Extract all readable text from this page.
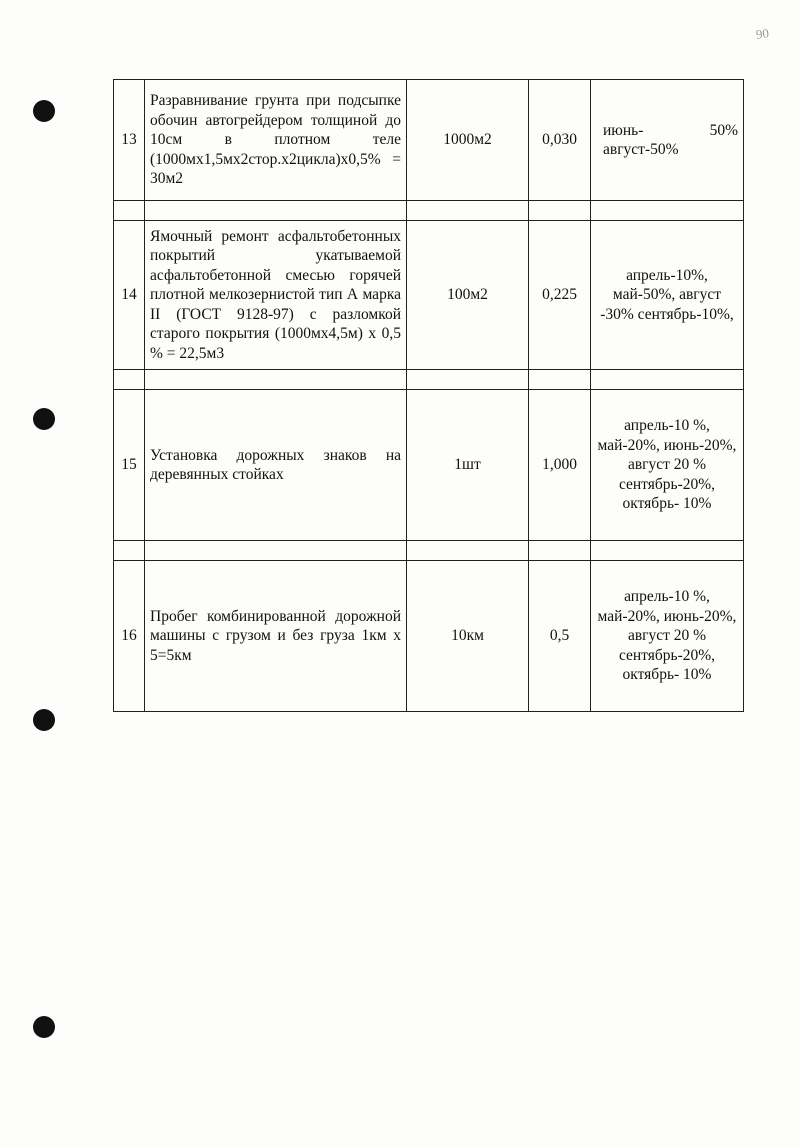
90
13	Разравнивание грунта при подсыпке обочин автогрейдером толщиной до 10см в плотном теле (1000мх1,5мх2стор.х2цикла)х0,5% = 30м2	1000м2	0,030	июнь- 50% август-50%

14	Ямочный ремонт асфальтобетонных покрытий укатываемой асфальтобетонной смесью горячей плотной мелкозернистой тип А марка II (ГОСТ 9128-97) с разломкой старого покрытия (1000мх4,5м) х 0,5 % = 22,5м3	100м2	0,225	апрель-10%, май-50%, август -30% сентябрь-10%,

15	Установка дорожных знаков на деревянных стойках	1шт	1,000	апрель-10 %, май-20%, июнь-20%, август 20 % сентябрь-20%, октябрь- 10%

16	Пробег комбинированной дорожной машины с грузом и без груза 1км х 5=5км	10км	0,5	апрель-10 %, май-20%, июнь-20%, август 20 % сентябрь-20%, октябрь- 10%
